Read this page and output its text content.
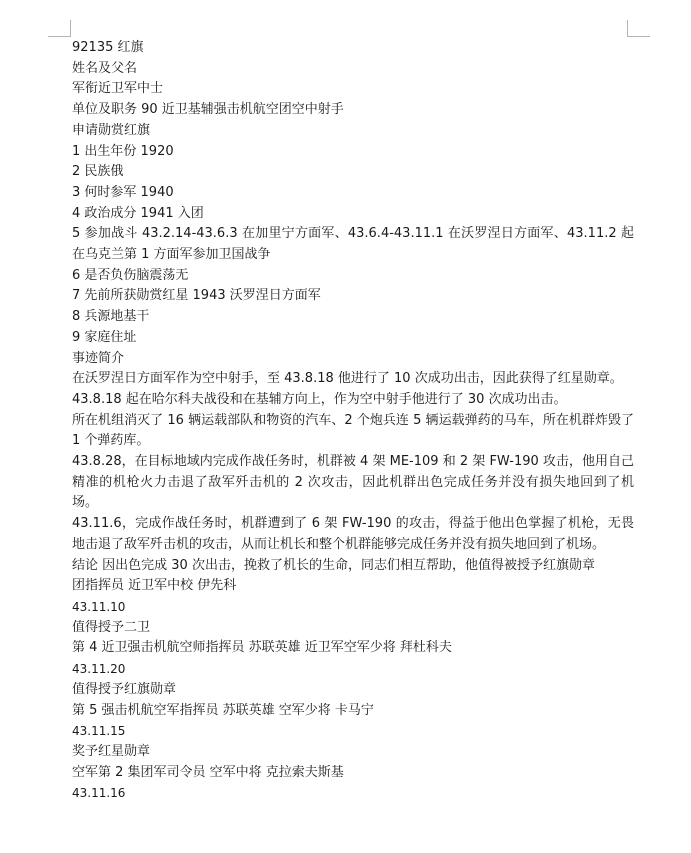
92135 红旗
姓名及父名
军衔近卫军中士
单位及职务 90 近卫基辅强击机航空团空中射手
申请勋赏红旗
1 出生年份 1920
2 民族俄
3 何时参军 1940
4 政治成分 1941 入团
5 参加战斗 43.2.14-43.6.3 在加里宁方面军、43.6.4-43.11.1 在沃罗涅日方面军、43.11.2 起在乌克兰第 1 方面军参加卫国战争
6 是否负伤脑震荡无
7 先前所获勋赏红星 1943 沃罗涅日方面军
8 兵源地基干
9 家庭住址
事迹简介
在沃罗涅日方面军作为空中射手，至 43.8.18 他进行了 10 次成功出击，因此获得了红星勋章。
43.8.18 起在哈尔科夫战役和在基辅方向上，作为空中射手他进行了 30 次成功出击。
所在机组消灭了 16 辆运载部队和物资的汽车、2 个炮兵连 5 辆运载弹药的马车，所在机群炸毁了 1 个弹药库。
43.8.28，在目标地域内完成作战任务时，机群被 4 架 ME-109 和 2 架 FW-190 攻击，他用自己精准的机枪火力击退了敌军歼击机的 2 次攻击，因此机群出色完成任务并没有损失地回到了机场。
43.11.6，完成作战任务时，机群遭到了 6 架 FW-190 的攻击，得益于他出色掌握了机枪，无畏地击退了敌军歼击机的攻击，从而让机长和整个机群能够完成任务并没有损失地回到了机场。
结论 因出色完成 30 次出击，挽救了机长的生命，同志们相互帮助，他值得被授予红旗勋章
团指挥员 近卫军中校 伊先科
43.11.10
值得授予二卫
第 4 近卫强击机航空师指挥员 苏联英雄 近卫军空军少将 拜杜科夫
43.11.20
值得授予红旗勋章
第 5 强击机航空军指挥员 苏联英雄 空军少将 卡马宁
43.11.15
奖予红星勋章
空军第 2 集团军司令员 空军中将 克拉索夫斯基
43.11.16
